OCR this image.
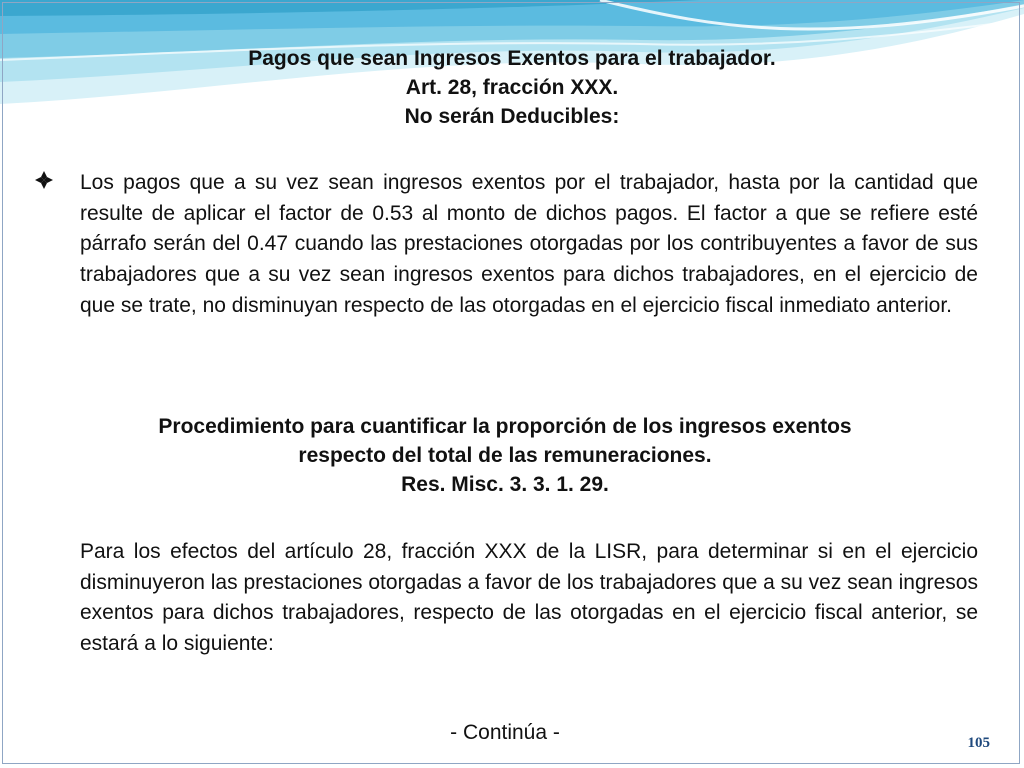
Pagos que sean Ingresos Exentos para el trabajador.
Art. 28, fracción XXX.
No serán Deducibles:

Los pagos que a su vez sean ingresos exentos por el trabajador, hasta por la cantidad que resulte de aplicar el factor de 0.53 al monto de dichos pagos. El factor a que se refiere esté párrafo serán del 0.47 cuando las prestaciones otorgadas por los contribuyentes a favor de sus trabajadores que a su vez sean ingresos exentos para dichos trabajadores, en el ejercicio de que se trate, no disminuyan respecto de las otorgadas en el ejercicio fiscal inmediato anterior.

Procedimiento para cuantificar la proporción de los ingresos exentos
respecto del total de las remuneraciones.
Res. Misc. 3. 3. 1. 29.

Para los efectos del artículo 28, fracción XXX de la LISR, para determinar si en el ejercicio disminuyeron las prestaciones otorgadas a favor de los trabajadores que a su vez sean ingresos exentos para dichos trabajadores, respecto de las otorgadas en el ejercicio fiscal anterior, se estará a lo siguiente:

- Continúa -	105
